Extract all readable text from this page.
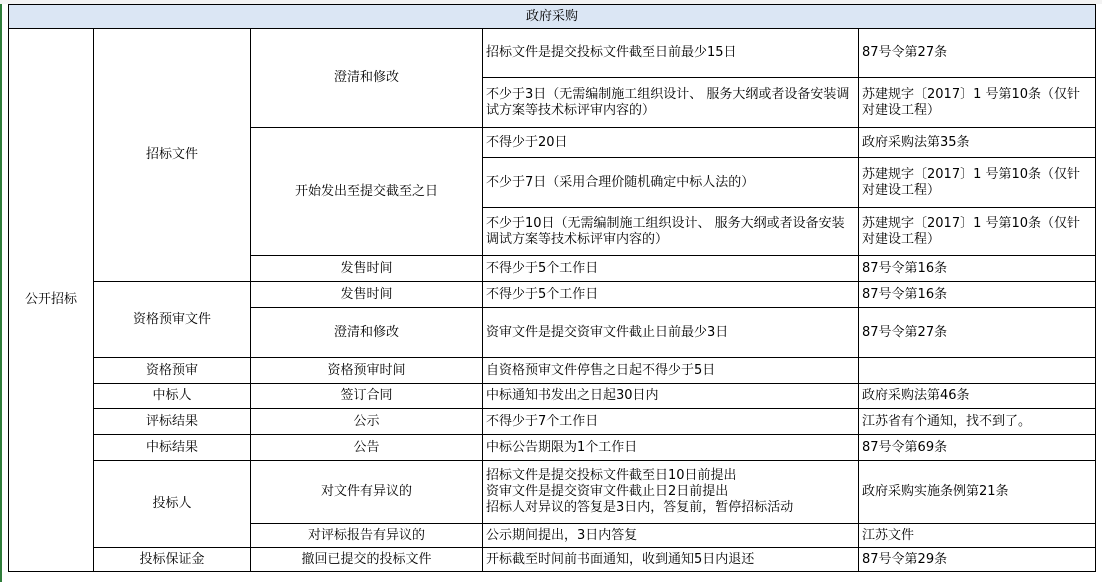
政府采购				
公开招标	招标文件	澄清和修改	招标文件是提交投标文件截至日前最少15日	87号令第27条
			不少于3日（无需编制施工组织设计、 服务大纲或者设备安装调试方案等技术标评审内容的）	苏建规字〔2017〕1 号第10条（仅针对建设工程）
		开始发出至提交截至之日	不得少于20日	政府采购法第35条
			不少于7日（采用合理价随机确定中标人法的）	苏建规字〔2017〕1 号第10条（仅针对建设工程）
			不少于10日（无需编制施工组织设计、 服务大纲或者设备安装调试方案等技术标评审内容的）	苏建规字〔2017〕1 号第10条（仅针对建设工程）
		发售时间	不得少于5个工作日	87号令第16条
	资格预审文件	发售时间	不得少于5个工作日	87号令第16条
		澄清和修改	资审文件是提交资审文件截止日前最少3日	87号令第27条
	资格预审	资格预审时间	自资格预审文件停售之日起不得少于5日	
	中标人	签订合同	中标通知书发出之日起30日内	政府采购法第46条
	评标结果	公示	不得少于7个工作日	江苏省有个通知，找不到了。
	中标结果	公告	中标公告期限为1个工作日	87号令第69条
	投标人	对文件有异议的	招标文件是提交投标文件截至日10日前提出
资审文件是提交资审文件截止日2日前提出
招标人对异议的答复是3日内，答复前，暂停招标活动	政府采购实施条例第21条
		对评标报告有异议的	公示期间提出，3日内答复	江苏文件
	投标保证金	撤回已提交的投标文件	开标截至时间前书面通知，收到通知5日内退还	87号令第29条
